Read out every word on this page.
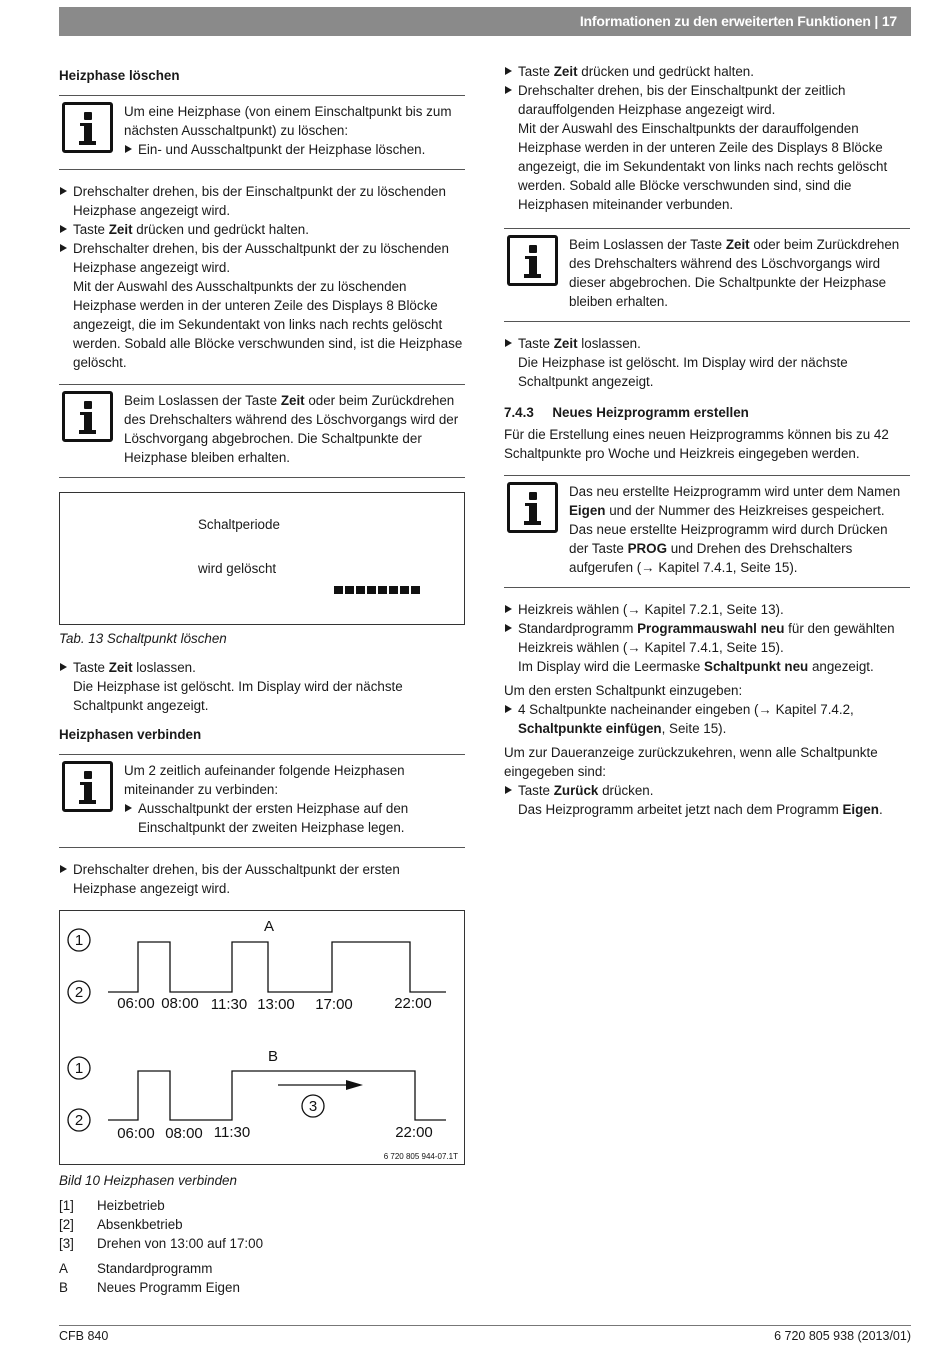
Informationen zu den erweiterten Funktionen | 17

Heizphase löschen

Um eine Heizphase (von einem Einschaltpunkt bis zum nächsten Ausschaltpunkt) zu löschen:

Ein- und Ausschaltpunkt der Heizphase löschen.

Drehschalter drehen, bis der Einschaltpunkt der zu löschenden Heizphase angezeigt wird.

Taste Zeit drücken und gedrückt halten.

Drehschalter drehen, bis der Ausschaltpunkt der zu löschenden Heizphase angezeigt wird.

Mit der Auswahl des Ausschaltpunkts der zu löschenden Heizphase werden in der unteren Zeile des Displays 8 Blöcke angezeigt, die im Sekundentakt von links nach rechts gelöscht werden. Sobald alle Blöcke verschwunden sind, ist die Heizphase gelöscht.

Beim Loslassen der Taste Zeit oder beim Zurückdrehen des Drehschalters während des Löschvorgangs wird der Löschvorgang abgebrochen. Die Schaltpunkte der Heizphase bleiben erhalten.

Schaltperiode
wird gelöscht

Tab. 13 Schaltpunkt löschen

Taste Zeit loslassen.

Die Heizphase ist gelöscht. Im Display wird der nächste Schaltpunkt angezeigt.

Heizphasen verbinden

Um 2 zeitlich aufeinander folgende Heizphasen miteinander zu verbinden:

Ausschaltpunkt der ersten Heizphase auf den Einschaltpunkt der zweiten Heizphase legen.

Drehschalter drehen, bis der Ausschaltpunkt der ersten Heizphase angezeigt wird.

1
2
1
2
3
A
B
06:00 08:00 11:30 13:00 17:00	22:00
06:00 08:00 11:30	22:00
6 720 805 944-07.1T

Bild 10 Heizphasen verbinden

[1]	Heizbetrieb
[2]	Absenkbetrieb
[3]	Drehen von 13:00 auf 17:00
A	Standardprogramm
B	Neues Programm Eigen

Taste Zeit drücken und gedrückt halten.

Drehschalter drehen, bis der Einschaltpunkt der zeitlich darauffolgenden Heizphase angezeigt wird.

Mit der Auswahl des Einschaltpunkts der darauffolgenden Heizphase werden in der unteren Zeile des Displays 8 Blöcke angezeigt, die im Sekundentakt von links nach rechts gelöscht werden. Sobald alle Blöcke verschwunden sind, sind die Heizphasen miteinander verbunden.

Beim Loslassen der Taste Zeit oder beim Zurückdrehen des Drehschalters während des Löschvorgangs wird dieser abgebrochen. Die Schaltpunkte der Heizphase bleiben erhalten.

Taste Zeit loslassen.

Die Heizphase ist gelöscht. Im Display wird der nächste Schaltpunkt angezeigt.

7.4.3     Neues Heizprogramm erstellen

Für die Erstellung eines neuen Heizprogramms können bis zu 42 Schaltpunkte pro Woche und Heizkreis eingegeben werden.

Das neu erstellte Heizprogramm wird unter dem Namen Eigen und der Nummer des Heizkreises gespeichert.

Das neue erstellte Heizprogramm wird durch Drücken der Taste PROG und Drehen des Drehschalters aufgerufen (→ Kapitel 7.4.1, Seite 15).

Heizkreis wählen (→ Kapitel 7.2.1, Seite 13).

Standardprogramm Programmauswahl neu für den gewählten Heizkreis wählen (→ Kapitel 7.4.1, Seite 15).

Im Display wird die Leermaske Schaltpunkt neu angezeigt.

Um den ersten Schaltpunkt einzugeben:

4 Schaltpunkte nacheinander eingeben (→ Kapitel 7.4.2, Schaltpunkte einfügen, Seite 15).

Um zur Daueranzeige zurückzukehren, wenn alle Schaltpunkte eingegeben sind:

Taste Zurück drücken.

Das Heizprogramm arbeitet jetzt nach dem Programm Eigen.

CFB 840	6 720 805 938 (2013/01)
